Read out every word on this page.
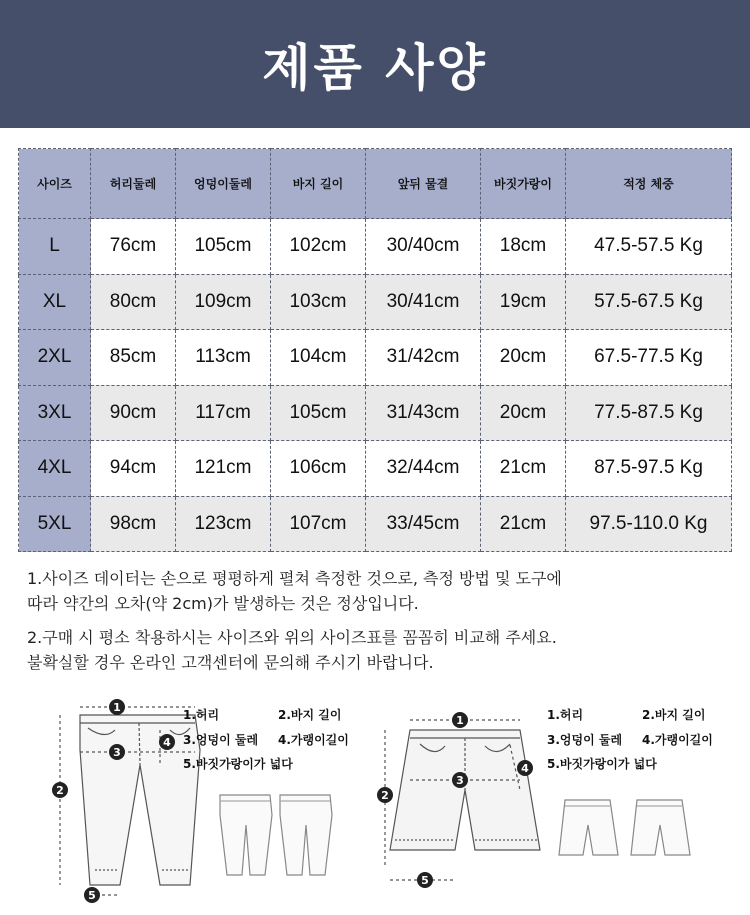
제품 사양
사이즈	허리둘레	엉덩이둘레	바지 길이	앞뒤 물결	바짓가랑이	적정 체중
L	76cm	105cm	102cm	30/40cm	18cm	47.5-57.5 Kg
XL	80cm	109cm	103cm	30/41cm	19cm	57.5-67.5 Kg
2XL	85cm	113cm	104cm	31/42cm	20cm	67.5-77.5 Kg
3XL	90cm	117cm	105cm	31/43cm	20cm	77.5-87.5 Kg
4XL	94cm	121cm	106cm	32/44cm	21cm	87.5-97.5 Kg
5XL	98cm	123cm	107cm	33/45cm	21cm	97.5-110.0 Kg

1.사이즈 데이터는 손으로 평평하게 펼쳐 측정한 것으로, 측정 방법 및 도구에
따라 약간의 오차(약 2cm)가 발생하는 것은 정상입니다.

2.구매 시 평소 착용하시는 사이즈와 위의 사이즈표를 꼼꼼히 비교해 주세요.
불확실할 경우 온라인 고객센터에 문의해 주시기 바랍니다.

1
2
3
4
5
1.허리	2.바지 길이
3.엉덩이 둘레 4.가랭이길이
5.바짓가랑이가 넓다
1
2
3
4
5
1.허리	2.바지 길이
3.엉덩이 둘레 4.가랭이길이
5.바짓가랑이가 넓다
